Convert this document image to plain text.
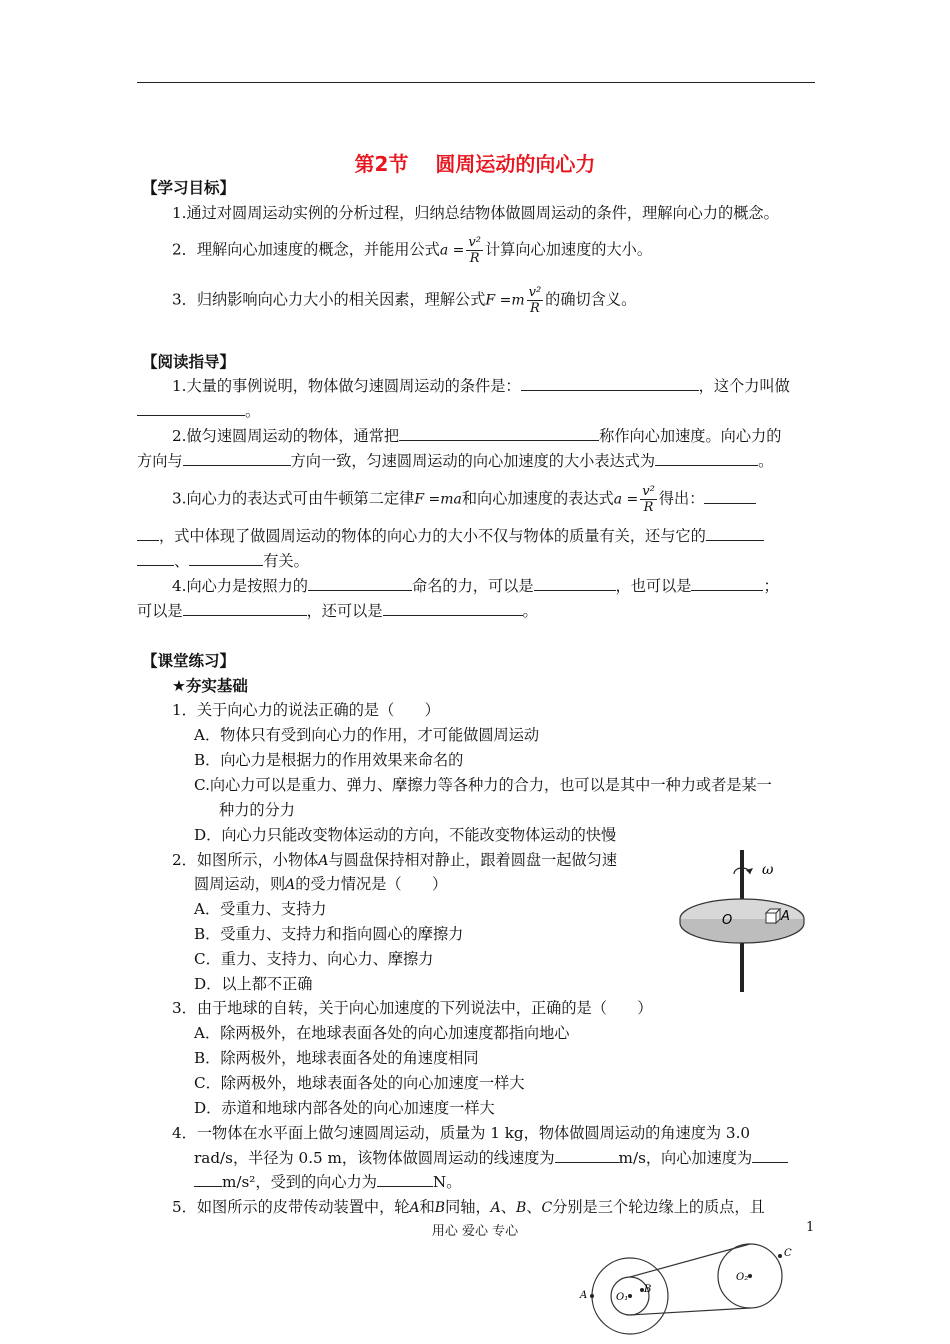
第2节　 圆周运动的向心力
【学习目标】
1.通过对圆周运动实例的分析过程，归纳总结物体做圆周运动的条件，理解向心力的概念。
2．理解向心加速度的概念，并能用公式$a = \frac{\text{v²}}{R}$ 计算向心加速度的大小。
3．归纳影响向心力大小的相关因素，理解公式$F =m \frac{\text{v²}}{R}$ 的确切含义。
【阅读指导】
1.大量的事例说明，物体做匀速圆周运动的条件是：	，这个力叫做
。
2.做匀速圆周运动的物体，通常把	称作向心加速度。向心力的
方向与	方向一致，匀速圆周运动的向心加速度的大小表达式为	。
3.向心力的表达式可由牛顿第二定律F =ma和向心加速度的表达式$a = \frac{\text{v²}}{R}$ 得出：
，式中体现了做圆周运动的物体的向心力的大小不仅与物体的质量有关，还与它的
、	有关。
4.向心力是按照力的	命名的力，可以是	，也可以是	；
可以是	，还可以是	。
【课堂练习】
★夯实基础
1．关于向心力的说法正确的是（　　）
A．物体只有受到向心力的作用，才可能做圆周运动
B．向心力是根据力的作用效果来命名的
C.向心力可以是重力、弹力、摩擦力等各种力的合力，也可以是其中一种力或者是某一
种力的分力
D．向心力只能改变物体运动的方向，不能改变物体运动的快慢
2．如图所示，小物体A与圆盘保持相对静止，跟着圆盘一起做匀速
圆周运动，则A的受力情况是（　　）
A．受重力、支持力
B．受重力、支持力和指向圆心的摩擦力
C．重力、支持力、向心力、摩擦力
D．以上都不正确
3．由于地球的自转，关于向心加速度的下列说法中，正确的是（　　）
A．除两极外，在地球表面各处的向心加速度都指向地心
B．除两极外，地球表面各处的角速度相同
C．除两极外，地球表面各处的向心加速度一样大
D．赤道和地球内部各处的向心加速度一样大
4．一物体在水平面上做匀速圆周运动，质量为 1 kg，物体做圆周运动的角速度为 3.0
rad/s，半径为 0.5 m，该物体做圆周运动的线速度为	m/s，向心加速度为
m/s²，受到的向心力为	N。
5．如图所示的皮带传动装置中，轮A和B同轴，A、B、C分别是三个轮边缘上的质点，且
ω
O	A
A	O₁
B
O₂
C
用心 爱心 专心	1
